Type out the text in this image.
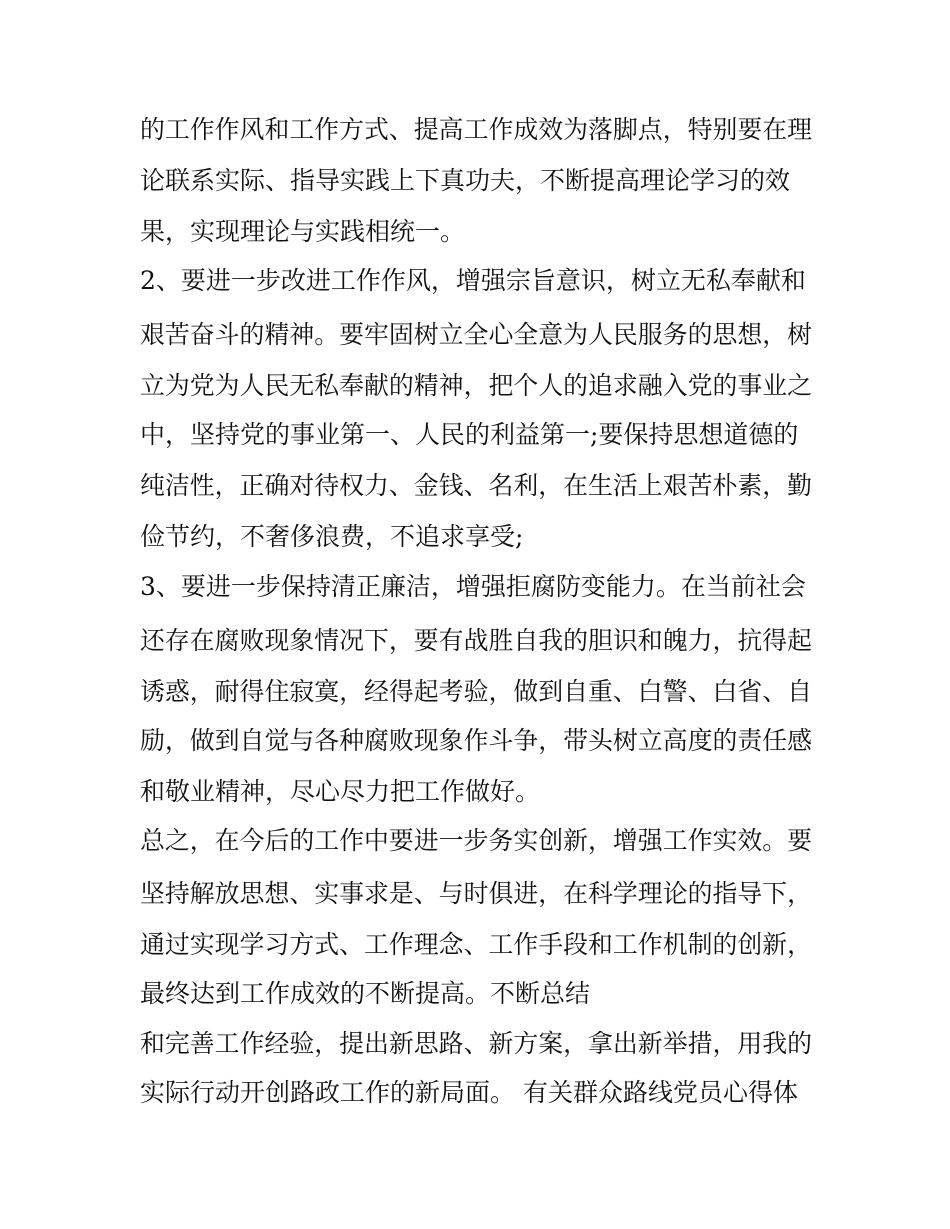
的工作作风和工作方式、提高工作成效为落脚点，特别要在理
论联系实际、指导实践上下真功夫，不断提高理论学习的效
果，实现理论与实践相统一。
2、要进一步改进工作作风，增强宗旨意识，树立无私奉献和
艰苦奋斗的精神。要牢固树立全心全意为人民服务的思想，树
立为党为人民无私奉献的精神，把个人的追求融入党的事业之
中，坚持党的事业第一、人民的利益第一;要保持思想道德的
纯洁性，正确对待权力、金钱、名利，在生活上艰苦朴素，勤
俭节约，不奢侈浪费，不追求享受;
3、要进一步保持清正廉洁，增强拒腐防变能力。在当前社会
还存在腐败现象情况下，要有战胜自我的胆识和魄力，抗得起
诱惑，耐得住寂寞，经得起考验，做到自重、白警、白省、自
励，做到自觉与各种腐败现象作斗争，带头树立高度的责任感
和敬业精神，尽心尽力把工作做好。
总之，在今后的工作中要进一步务实创新，增强工作实效。要
坚持解放思想、实事求是、与时俱进，在科学理论的指导下，
通过实现学习方式、工作理念、工作手段和工作机制的创新，
最终达到工作成效的不断提高。不断总结
和完善工作经验，提出新思路、新方案，拿出新举措，用我的
实际行动开创路政工作的新局面。 有关群众路线党员心得体
